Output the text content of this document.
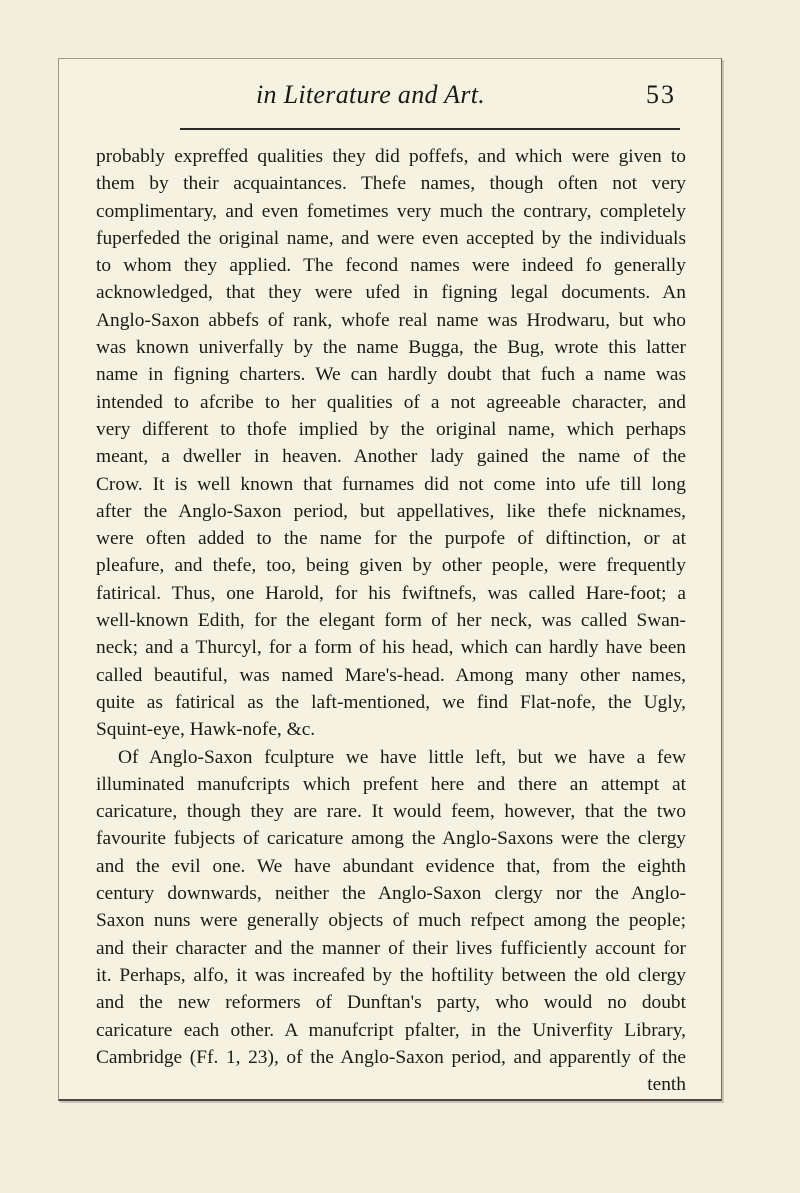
in Literature and Art.	53
probably expreffed qualities they did poffefs, and which were given to
them by their acquaintances. Thefe names, though often not very
complimentary, and even fometimes very much the contrary, completely
fuperfeded the original name, and were even accepted by the individuals
to whom they applied. The fecond names were indeed fo generally
acknowledged, that they were ufed in figning legal documents. An
Anglo-Saxon abbefs of rank, whofe real name was Hrodwaru, but who
was known univerfally by the name Bugga, the Bug, wrote this latter
name in figning charters. We can hardly doubt that fuch a name was
intended to afcribe to her qualities of a not agreeable character, and
very different to thofe implied by the original name, which perhaps
meant, a dweller in heaven. Another lady gained the name of the
Crow. It is well known that furnames did not come into ufe till long
after the Anglo-Saxon period, but appellatives, like thefe nicknames,
were often added to the name for the purpofe of diftinction, or at
pleafure, and thefe, too, being given by other people, were frequently
fatirical. Thus, one Harold, for his fwiftnefs, was called Hare-foot; a
well-known Edith, for the elegant form of her neck, was called Swan-
neck; and a Thurcyl, for a form of his head, which can hardly have been
called beautiful, was named Mare's-head. Among many other names,
quite as fatirical as the laft-mentioned, we find Flat-nofe, the Ugly,
Squint-eye, Hawk-nofe, &c.
Of Anglo-Saxon fculpture we have little left, but we have a few
illuminated manufcripts which prefent here and there an attempt at
caricature, though they are rare. It would feem, however, that the two
favourite fubjects of caricature among the Anglo-Saxons were the clergy
and the evil one. We have abundant evidence that, from the eighth
century downwards, neither the Anglo-Saxon clergy nor the Anglo-
Saxon nuns were generally objects of much refpect among the people;
and their character and the manner of their lives fufficiently account for
it. Perhaps, alfo, it was increafed by the hoftility between the old clergy
and the new reformers of Dunftan's party, who would no doubt
caricature each other. A manufcript pfalter, in the Univerfity Library,
Cambridge (Ff. 1, 23), of the Anglo-Saxon period, and apparently of the
tenth
